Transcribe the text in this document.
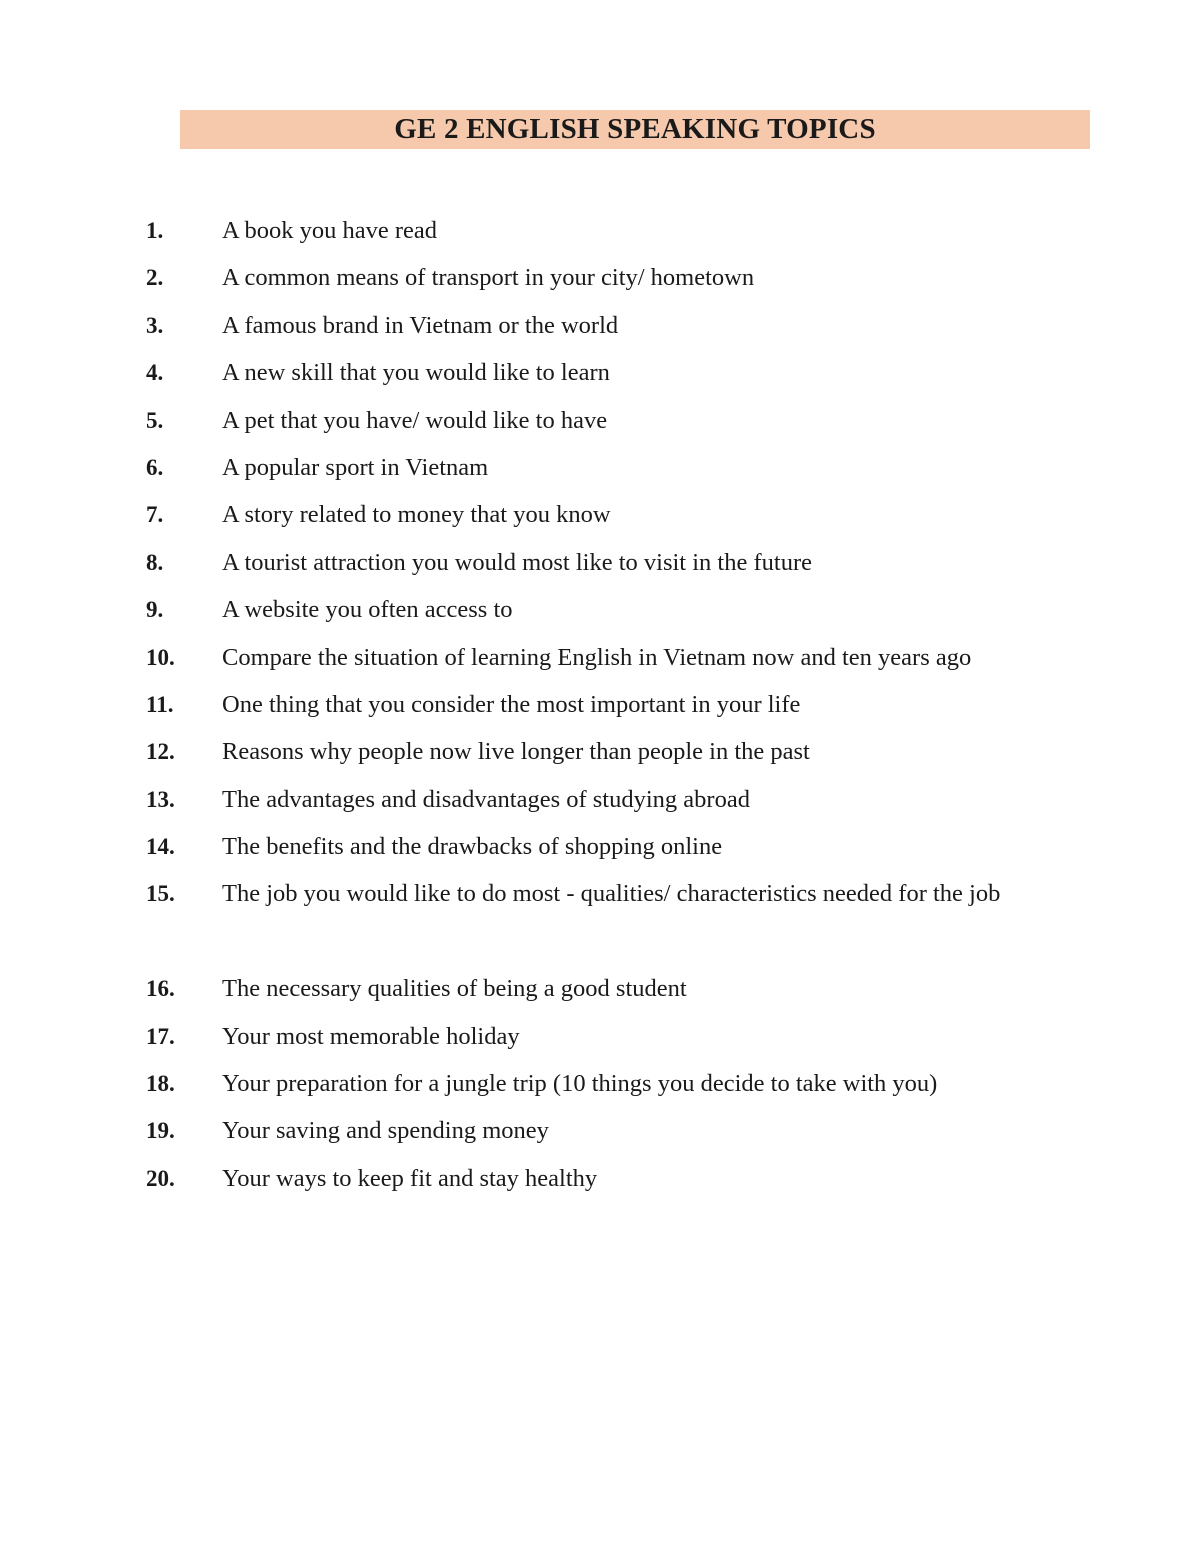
GE 2 ENGLISH SPEAKING TOPICS
1. A book you have read
2. A common means of transport in your city/ hometown
3. A famous brand in Vietnam or the world
4. A new skill that you would like to learn
5. A pet that you have/ would like to have
6. A popular sport in Vietnam
7. A story related to money that you know
8. A tourist attraction you would most like to visit in the future
9. A website you often access to
10. Compare the situation of learning English in Vietnam now and ten years ago
11. One thing that you consider the most important in your life
12. Reasons why people now live longer than people in the past
13. The advantages and disadvantages of studying abroad
14. The benefits and the drawbacks of shopping online
15. The job you would like to do most - qualities/ characteristics needed for the job
16. The necessary qualities of being a good student
17. Your most memorable holiday
18. Your preparation for a jungle trip (10 things you decide to take with you)
19. Your saving and spending money
20. Your ways to keep fit and stay healthy
